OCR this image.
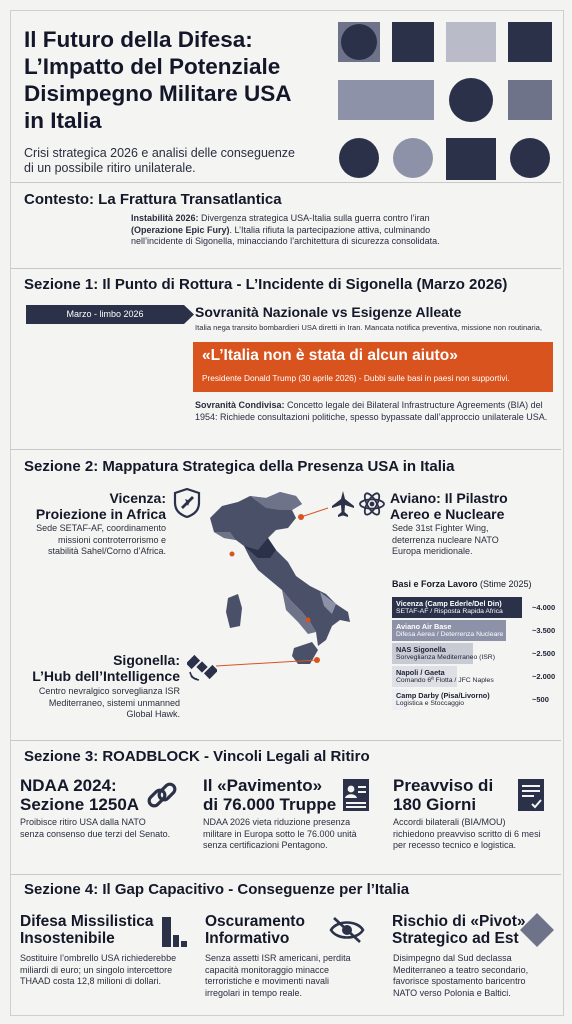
Il Futuro della Difesa:
L’Impatto del Potenziale
Disimpegno Militare USA
in Italia
Crisi strategica 2026 e analisi delle conseguenze
di un possibile ritiro unilaterale.
Contesto: La Frattura Transatlantica
Instabilità 2026: Divergenza strategica USA-Italia sulla guerra contro l’iran
(Operazione Epic Fury). L’Italia rifiuta la partecipazione attiva, culminando
nell’incidente di Sigonella, minacciando l’architettura di sicurezza consolidata.
Sezione 1: Il Punto di Rottura - L’Incidente di Sigonella (Marzo 2026)
Marzo - limbo 2026	Sovranità Nazionale vs Esigenze Alleate
Italia nega transito bombardieri USA diretti in Iran. Mancata notifica preventiva, missione non routinaria,
«L’Italia non è stata di alcun aiuto»
Presidente Donald Trump (30 aprile 2026) - Dubbi sulle basi in paesi non supportivi.
Sovranità Condivisa: Concetto legale dei Bilateral Infrastructure Agreements (BIA) del
1954: Richiede consultazioni politiche, spesso bypassate dall’approccio unilaterale USA.
Sezione 2: Mappatura Strategica della Presenza USA in Italia
Vicenza:
Proiezione in Africa
Sede SETAF-AF, coordinamento
missioni controterrorismo e
stabilità Sahel/Corno d’Africa.
Aviano: Il Pilastro
Aereo e Nucleare
Sede 31st Fighter Wing,
deterrenza nucleare NATO
Europa meridionale.
Sigonella:
L’Hub dell’Intelligence
Centro nevralgico sorveglianza ISR
Mediterraneo, sistemi unmanned
Global Hawk.
Basi e Forza Lavoro (Stime 2025)
Vicenza (Camp Ederle/Del Din)
SETAF-AF / Risposta Rapida Africa	~4.000
Aviano Air Base
Difesa Aerea / Deterrenza Nucleare	~3.500
NAS Sigonella
Sorveglianza Mediterraneo (ISR)	~2.500
Napoli / Gaeta
Comando 6ª Flotta / JFC Naples	~2.000
Camp Darby (Pisa/Livorno)
Logistica e Stoccaggio	~500
Sezione 3: ROADBLOCK - Vincoli Legali al Ritiro
NDAA 2024:
Sezione 1250A
Proibisce ritiro USA dalla NATO
senza consenso due terzi del Senato.
Il «Pavimento»
di 76.000 Truppe
NDAA 2026 vieta riduzione presenza
militare in Europa sotto le 76.000 unità
senza certificazioni Pentagono.
Preavviso di
180 Giorni
Accordi bilaterali (BIA/MOU)
richiedono preavviso scritto di 6 mesi
per recesso tecnico e logistica.
Sezione 4: Il Gap Capacitivo - Conseguenze per l’Italia
Difesa Missilistica
Insostenibile
Sostituire l’ombrello USA richiederebbe
miliardi di euro; un singolo intercettore
THAAD costa 12,8 milioni di dollari.
Oscuramento
Informativo
Senza assetti ISR americani, perdita
capacità monitoraggio minacce
terroristiche e movimenti navali
irregolari in tempo reale.
Rischio di «Pivot»
Strategico ad Est
Disimpegno dal Sud declassa
Mediterraneo a teatro secondario,
favorisce spostamento baricentro
NATO verso Polonia e Baltici.
